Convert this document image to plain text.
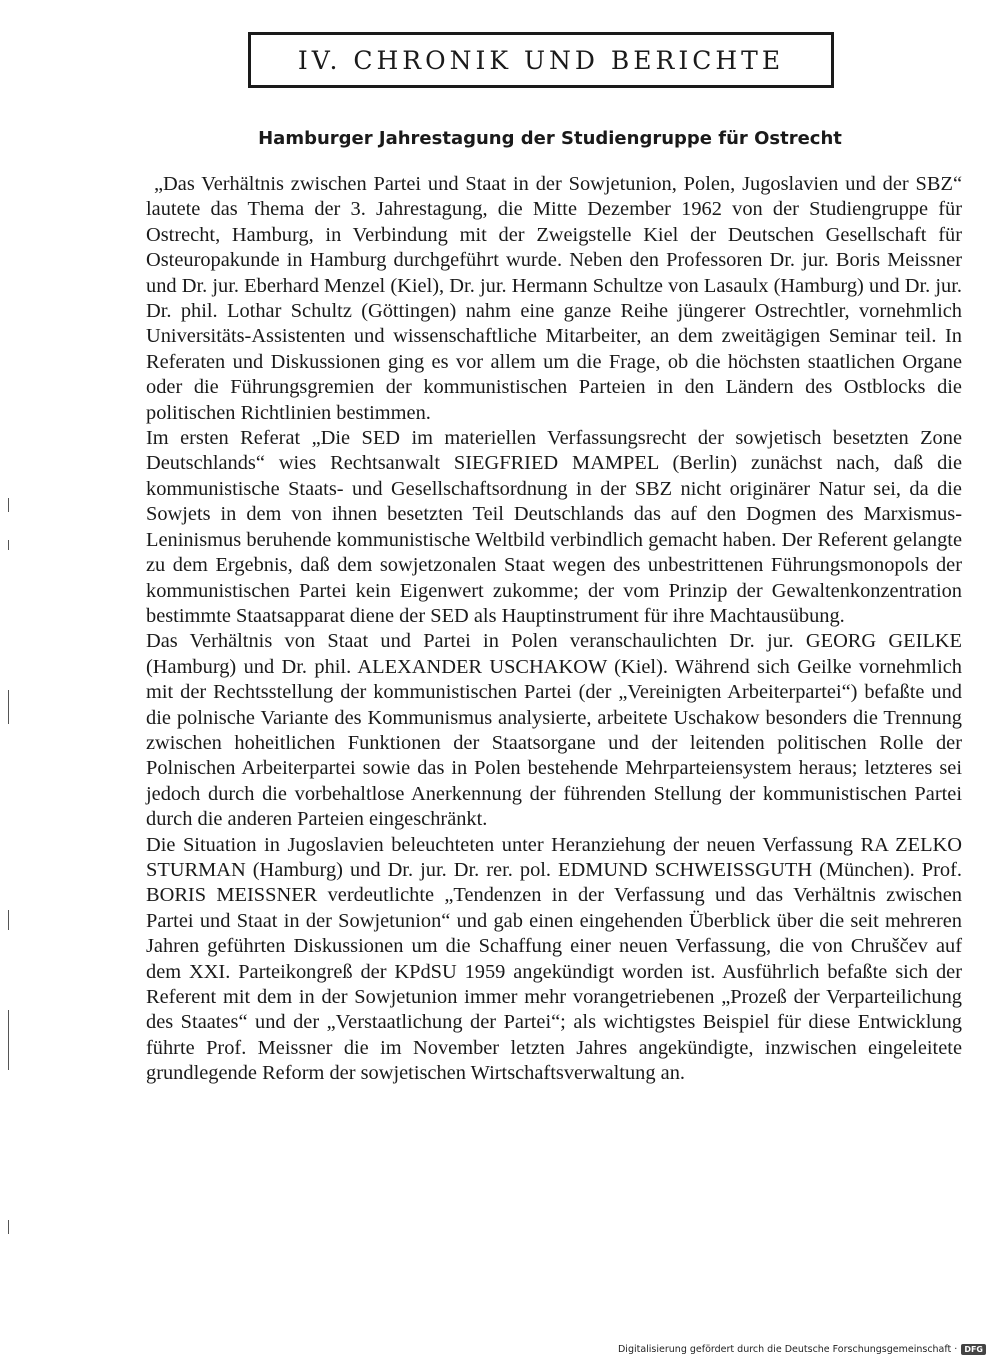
IV. CHRONIK UND BERICHTE
Hamburger Jahrestagung der Studiengruppe für Ostrecht
„Das Verhältnis zwischen Partei und Staat in der Sowjetunion, Polen, Jugoslavien und der SBZ“ lautete das Thema der 3. Jahrestagung, die Mitte Dezember 1962 von der Studiengruppe für Ostrecht, Hamburg, in Verbindung mit der Zweigstelle Kiel der Deutschen Gesellschaft für Osteuropakunde in Hamburg durchgeführt wurde. Neben den Professoren Dr. jur. Boris Meissner und Dr. jur. Eberhard Menzel (Kiel), Dr. jur. Hermann Schultze von Lasaulx (Hamburg) und Dr. jur. Dr. phil. Lothar Schultz (Göttingen) nahm eine ganze Reihe jüngerer Ostrechtler, vornehmlich Universitäts-Assistenten und wissenschaftliche Mitarbeiter, an dem zweitägigen Seminar teil. In Referaten und Diskussionen ging es vor allem um die Frage, ob die höchsten staatlichen Organe oder die Führungsgremien der kommunistischen Parteien in den Ländern des Ostblocks die politischen Richtlinien bestimmen.
Im ersten Referat „Die SED im materiellen Verfassungsrecht der sowjetisch besetzten Zone Deutschlands“ wies Rechtsanwalt SIEGFRIED MAMPEL (Berlin) zunächst nach, daß die kommunistische Staats- und Gesellschaftsordnung in der SBZ nicht originärer Natur sei, da die Sowjets in dem von ihnen besetzten Teil Deutschlands das auf den Dogmen des Marxismus-Leninismus beruhende kommunistische Weltbild verbindlich gemacht haben. Der Referent gelangte zu dem Ergebnis, daß dem sowjetzonalen Staat wegen des unbestrittenen Führungsmonopols der kommunistischen Partei kein Eigenwert zukomme; der vom Prinzip der Gewaltenkonzentration bestimmte Staatsapparat diene der SED als Hauptinstrument für ihre Machtausübung.
Das Verhältnis von Staat und Partei in Polen veranschaulichten Dr. jur. GEORG GEILKE (Hamburg) und Dr. phil. ALEXANDER USCHAKOW (Kiel). Während sich Geilke vornehmlich mit der Rechtsstellung der kommunistischen Partei (der „Vereinigten Arbeiterpartei“) befaßte und die polnische Variante des Kommunismus analysierte, arbeitete Uschakow besonders die Trennung zwischen hoheitlichen Funktionen der Staatsorgane und der leitenden politischen Rolle der Polnischen Arbeiterpartei sowie das in Polen bestehende Mehrparteiensystem heraus; letzteres sei jedoch durch die vorbehaltlose Anerkennung der führenden Stellung der kommunistischen Partei durch die anderen Parteien eingeschränkt.
Die Situation in Jugoslavien beleuchteten unter Heranziehung der neuen Verfassung RA ZELKO STURMAN (Hamburg) und Dr. jur. Dr. rer. pol. EDMUND SCHWEISSGUTH (München). Prof. BORIS MEISSNER verdeutlichte „Tendenzen in der Verfassung und das Verhältnis zwischen Partei und Staat in der Sowjetunion“ und gab einen eingehenden Überblick über die seit mehreren Jahren geführten Diskussionen um die Schaffung einer neuen Verfassung, die von Chruščev auf dem XXI. Parteikongreß der KPdSU 1959 angekündigt worden ist. Ausführlich befaßte sich der Referent mit dem in der Sowjetunion immer mehr vorangetriebenen „Prozeß der Verparteilichung des Staates“ und der „Verstaatlichung der Partei“; als wichtigstes Beispiel für diese Entwicklung führte Prof. Meissner die im November letzten Jahres angekündigte, inzwischen eingeleitete grundlegende Reform der sowjetischen Wirtschaftsverwaltung an.
Digitalisierung gefördert durch die Deutsche Forschungsgemeinschaft · DFG
